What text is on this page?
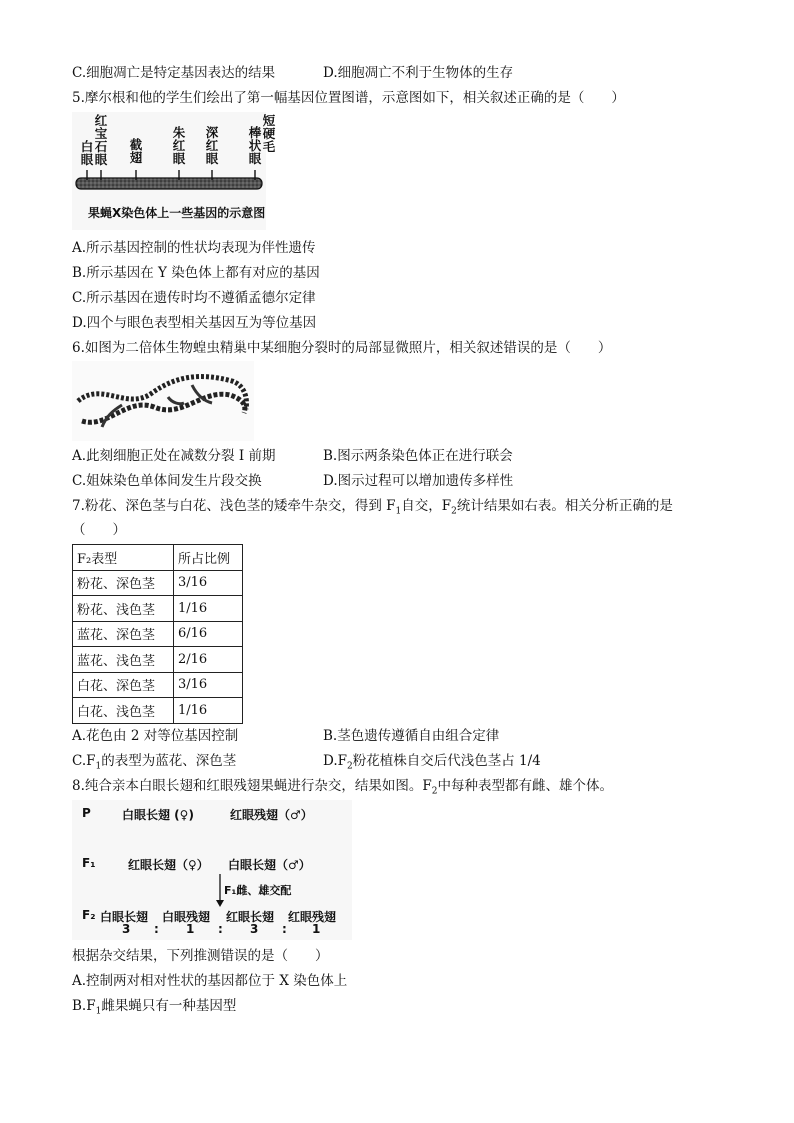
C.细胞凋亡是特定基因表达的结果	D.细胞凋亡不利于生物体的生存
5.摩尔根和他的学生们绘出了第一幅基因位置图谱，示意图如下，相关叙述正确的是（　　）
白
眼
红
宝
石
眼
截
翅
朱
红
眼
深
红
眼
棒
状
眼
短
硬
毛
果蝇X染色体上一些基因的示意图
A.所示基因控制的性状均表现为伴性遗传
B.所示基因在 Y 染色体上都有对应的基因
C.所示基因在遗传时均不遵循孟德尔定律
D.四个与眼色表型相关基因互为等位基因
6.如图为二倍体生物蝗虫精巢中某细胞分裂时的局部显微照片，相关叙述错误的是（　　）
A.此刻细胞正处在减数分裂 I 前期	B.图示两条染色体正在进行联会
C.姐妹染色单体间发生片段交换	D.图示过程可以增加遗传多样性
7.粉花、深色茎与白花、浅色茎的矮牵牛杂交，得到 $F_1$自交，$F_2$统计结果如右表。相关分析正确的是
（　　）
F₂表型	所占比例
粉花、深色茎	3/16
粉花、浅色茎	1/16
蓝花、深色茎	6/16
蓝花、浅色茎	2/16
白花、深色茎	3/16
白花、浅色茎	1/16
A.花色由 2 对等位基因控制	B.茎色遗传遵循自由组合定律
$C.F_1$的表型为蓝花、深色茎	$D.F_2$粉花植株自交后代浅色茎占 1/4
8.纯合亲本白眼长翅和红眼残翅果蝇进行杂交，结果如图。$F_2$中每种表型都有雌、雄个体。
P	白眼长翅 (♀)	红眼残翅（♂）
F₁	红眼长翅（♀） 白眼长翅（♂）
F₁雌、雄交配
F₂ 白眼长翅 白眼残翅 红眼长翅 红眼残翅
3 : 1 : 3 : 1
根据杂交结果，下列推测错误的是（　　）
A.控制两对相对性状的基因都位于 X 染色体上
$B.F_1$雌果蝇只有一种基因型
